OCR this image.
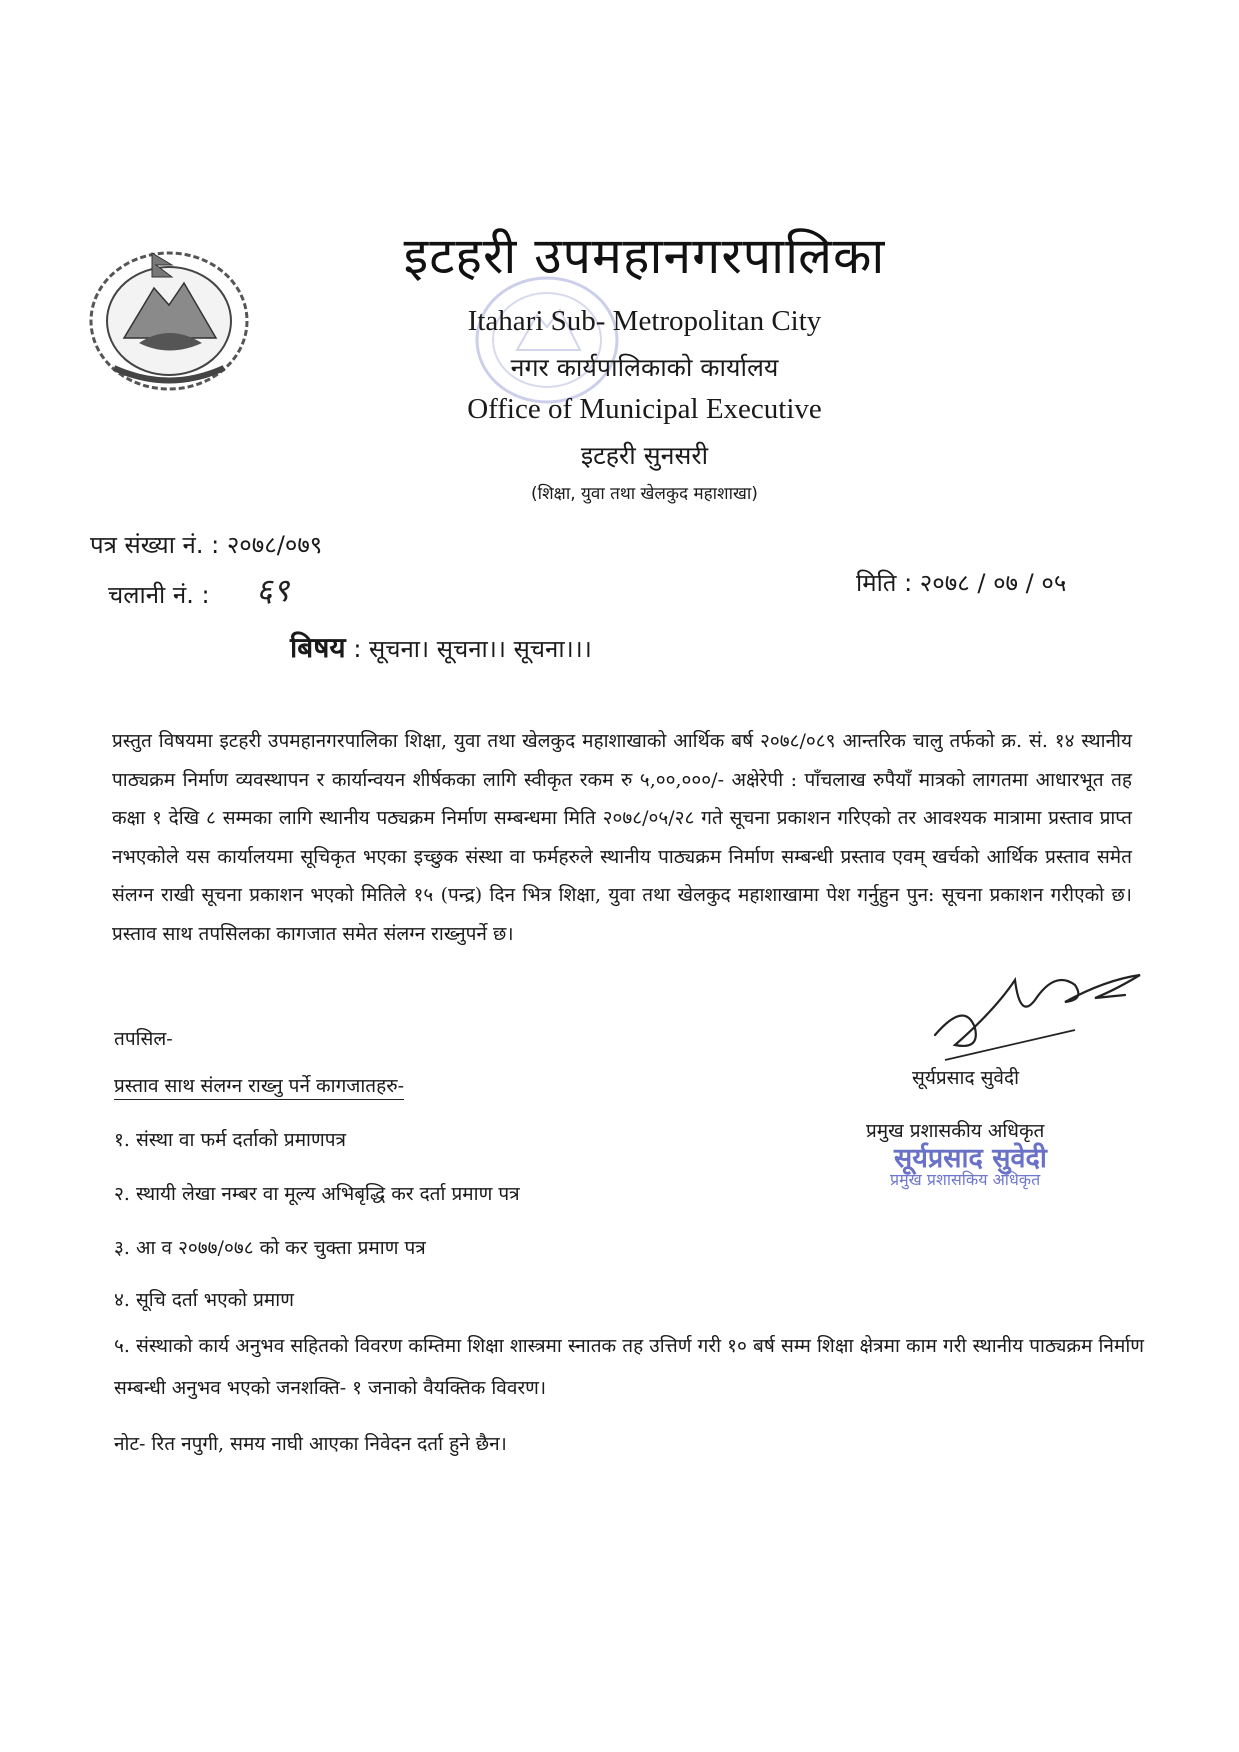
इटहरी उपमहानगरपालिका
Itahari Sub- Metropolitan City
नगर कार्यपालिकाको कार्यालय
Office of Municipal Executive
इटहरी सुनसरी
(शिक्षा, युवा तथा खेलकुद महाशाखा)
पत्र संख्या नं. : २०७८/०७९
चलानी नं. : ६९	मिति : २०७८ / ०७ / ०५
बिषय : सूचना। सूचना।। सूचना।।।
प्रस्तुत विषयमा इटहरी उपमहानगरपालिका शिक्षा, युवा तथा खेलकुद महाशाखाको आर्थिक बर्ष २०७८/०८९ आन्तरिक चालु तर्फको क्र. सं. १४ स्थानीय पाठ्यक्रम निर्माण व्यवस्थापन र कार्यान्वयन शीर्षकका लागि स्वीकृत रकम रु ५,००,०००/- अक्षेरेपी : पाँचलाख रुपैयाँ मात्रको लागतमा आधारभूत तह कक्षा १ देखि ८ सम्मका लागि स्थानीय पठ्यक्रम निर्माण सम्बन्धमा मिति २०७८/०५/२८ गते सूचना प्रकाशन गरिएको तर आवश्यक मात्रामा प्रस्ताव प्राप्त नभएकोले यस कार्यालयमा सूचिकृत भएका इच्छुक संस्था वा फर्महरुले स्थानीय पाठ्यक्रम निर्माण सम्बन्धी प्रस्ताव एवम् खर्चको आर्थिक प्रस्ताव समेत संलग्न राखी सूचना प्रकाशन भएको मितिले १५ (पन्द्र) दिन भित्र शिक्षा, युवा तथा खेलकुद महाशाखामा पेश गर्नुहुन पुन: सूचना प्रकाशन गरीएको छ। प्रस्ताव साथ तपसिलका कागजात समेत संलग्न राख्नुपर्ने छ।
तपसिल-
प्रस्ताव साथ संलग्न राख्नु पर्ने कागजातहरु-
१. संस्था वा फर्म दर्ताको प्रमाणपत्र
२. स्थायी लेखा नम्बर वा मूल्य अभिबृद्धि कर दर्ता प्रमाण पत्र
३. आ व २०७७/०७८ को कर चुक्ता प्रमाण पत्र
४. सूचि दर्ता भएको प्रमाण
५. संस्थाको कार्य अनुभव सहितको विवरण कम्तिमा शिक्षा शास्त्रमा स्नातक तह उत्तिर्ण गरी १० बर्ष सम्म शिक्षा क्षेत्रमा काम गरी स्थानीय पाठ्यक्रम निर्माण सम्बन्धी अनुभव भएको जनशक्ति- १ जनाको वैयक्तिक विवरण।
नोट- रित नपुगी, समय नाघी आएका निवेदन दर्ता हुने छैन।
सूर्यप्रसाद सुवेदी
प्रमुख प्रशासकीय अधिकृत
सूर्यप्रसाद सुवेदी
प्रमुख प्रशासकिय अधिकृत
